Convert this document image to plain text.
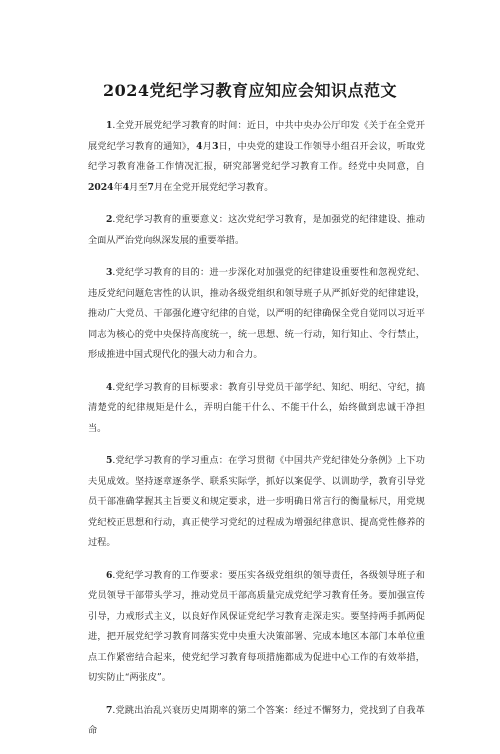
2024党纪学习教育应知应会知识点范文

1.全党开展党纪学习教育的时间：近日，中共中央办公厅印发《关于在全党开展党纪学习教育的通知》，4月3日，中央党的建设工作领导小组召开会议，听取党纪学习教育准备工作情况汇报，研究部署党纪学习教育工作。经党中央同意，自2024年4月至7月在全党开展党纪学习教育。

2.党纪学习教育的重要意义：这次党纪学习教育，是加强党的纪律建设、推动全面从严治党向纵深发展的重要举措。

3.党纪学习教育的目的：进一步深化对加强党的纪律建设重要性和忽视党纪、违反党纪问题危害性的认识，推动各级党组织和领导班子从严抓好党的纪律建设，推动广大党员、干部强化遵守纪律的自觉，以严明的纪律确保全党自觉同以习近平同志为核心的党中央保持高度统一，统一思想、统一行动，知行知止、令行禁止，形成推进中国式现代化的强大动力和合力。

4.党纪学习教育的目标要求：教育引导党员干部学纪、知纪、明纪、守纪，搞清楚党的纪律规矩是什么，弄明白能干什么、不能干什么，始终做到忠诚干净担当。

5.党纪学习教育的学习重点：在学习贯彻《中国共产党纪律处分条例》上下功夫见成效。坚持逐章逐条学、联系实际学，抓好以案促学、以训助学，教育引导党员干部准确掌握其主旨要义和规定要求，进一步明确日常言行的衡量标尺，用党规党纪校正思想和行动，真正使学习党纪的过程成为增强纪律意识、提高党性修养的过程。

6.党纪学习教育的工作要求：要压实各级党组织的领导责任，各级领导班子和党员领导干部带头学习，推动党员干部高质量完成党纪学习教育任务。要加强宣传引导，力戒形式主义，以良好作风保证党纪学习教育走深走实。要坚持两手抓两促进，把开展党纪学习教育同落实党中央重大决策部署、完成本地区本部门本单位重点工作紧密结合起来，使党纪学习教育每项措施都成为促进中心工作的有效举措，切实防止“两张皮”。

7.党跳出治乱兴衰历史周期率的第二个答案：经过不懈努力，党找到了自我革命
